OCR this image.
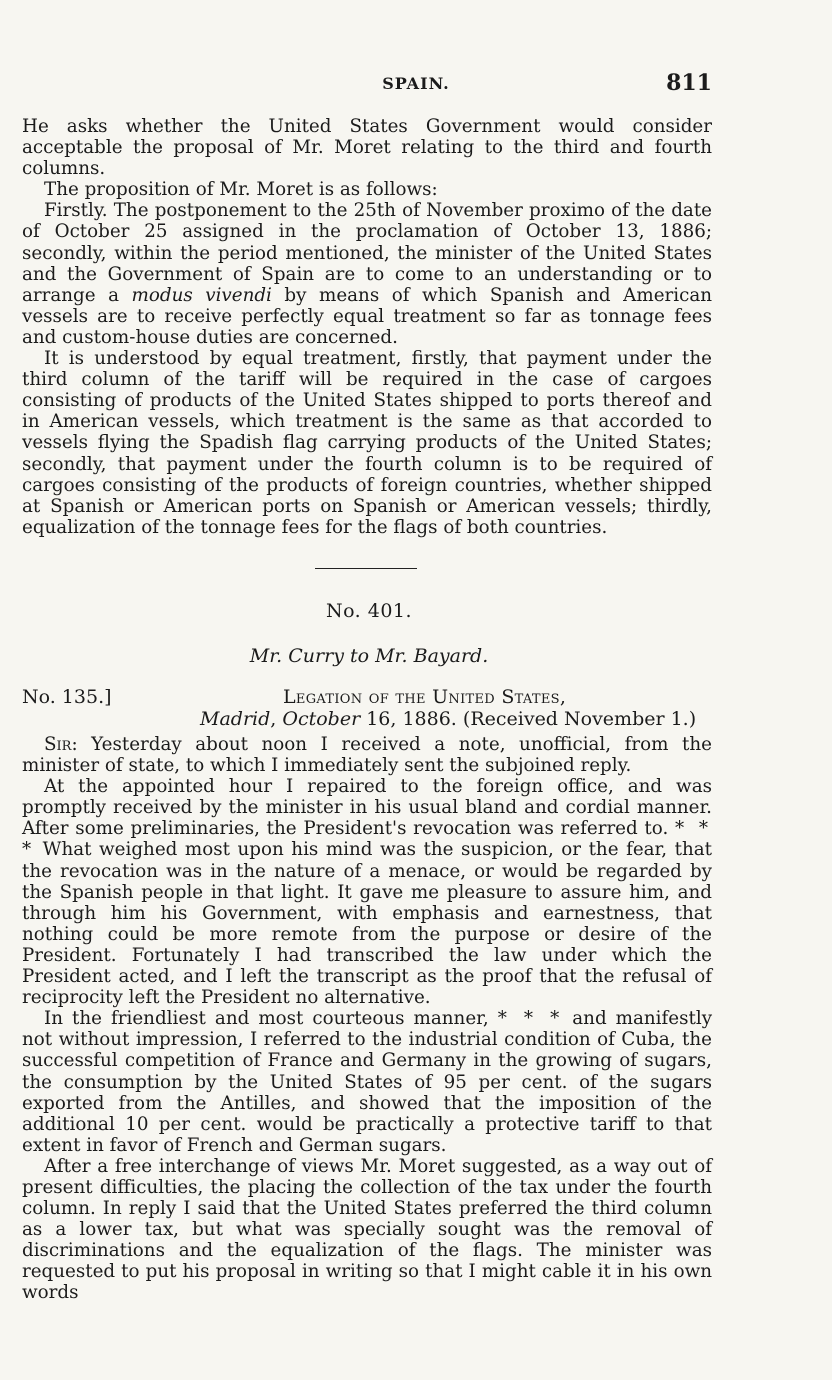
SPAIN.	811

He asks whether the United States Government would consider acceptable the proposal of Mr. Moret relating to the third and fourth columns.

The proposition of Mr. Moret is as follows:

Firstly. The postponement to the 25th of November proximo of the date of October 25 assigned in the proclamation of October 13, 1886; secondly, within the period mentioned, the minister of the United States and the Government of Spain are to come to an understanding or to arrange a modus vivendi by means of which Spanish and American vessels are to receive perfectly equal treatment so far as tonnage fees and custom-house duties are concerned.

It is understood by equal treatment, firstly, that payment under the third column of the tariff will be required in the case of cargoes consisting of products of the United States shipped to ports thereof and in American vessels, which treatment is the same as that accorded to vessels flying the Spadish flag carrying products of the United States; secondly, that payment under the fourth column is to be required of cargoes consisting of the products of foreign countries, whether shipped at Spanish or American ports on Spanish or American vessels; thirdly, equalization of the tonnage fees for the flags of both countries.

No. 401.
Mr. Curry to Mr. Bayard.
No. 135.]	Legation of the United States,
Madrid, October 16, 1886. (Received November 1.)

Sir: Yesterday about noon I received a note, unofficial, from the minister of state, to which I immediately sent the subjoined reply.

At the appointed hour I repaired to the foreign office, and was promptly received by the minister in his usual bland and cordial manner. After some preliminaries, the President's revocation was referred to. * * * What weighed most upon his mind was the suspicion, or the fear, that the revocation was in the nature of a menace, or would be regarded by the Spanish people in that light. It gave me pleasure to assure him, and through him his Government, with emphasis and earnestness, that nothing could be more remote from the purpose or desire of the President. Fortunately I had transcribed the law under which the President acted, and I left the transcript as the proof that the refusal of reciprocity left the President no alternative.

In the friendliest and most courteous manner, * * * and manifestly not without impression, I referred to the industrial condition of Cuba, the successful competition of France and Germany in the growing of sugars, the consumption by the United States of 95 per cent. of the sugars exported from the Antilles, and showed that the imposition of the additional 10 per cent. would be practically a protective tariff to that extent in favor of French and German sugars.

After a free interchange of views Mr. Moret suggested, as a way out of present difficulties, the placing the collection of the tax under the fourth column. In reply I said that the United States preferred the third column as a lower tax, but what was specially sought was the removal of discriminations and the equalization of the flags. The minister was requested to put his proposal in writing so that I might cable it in his own words
